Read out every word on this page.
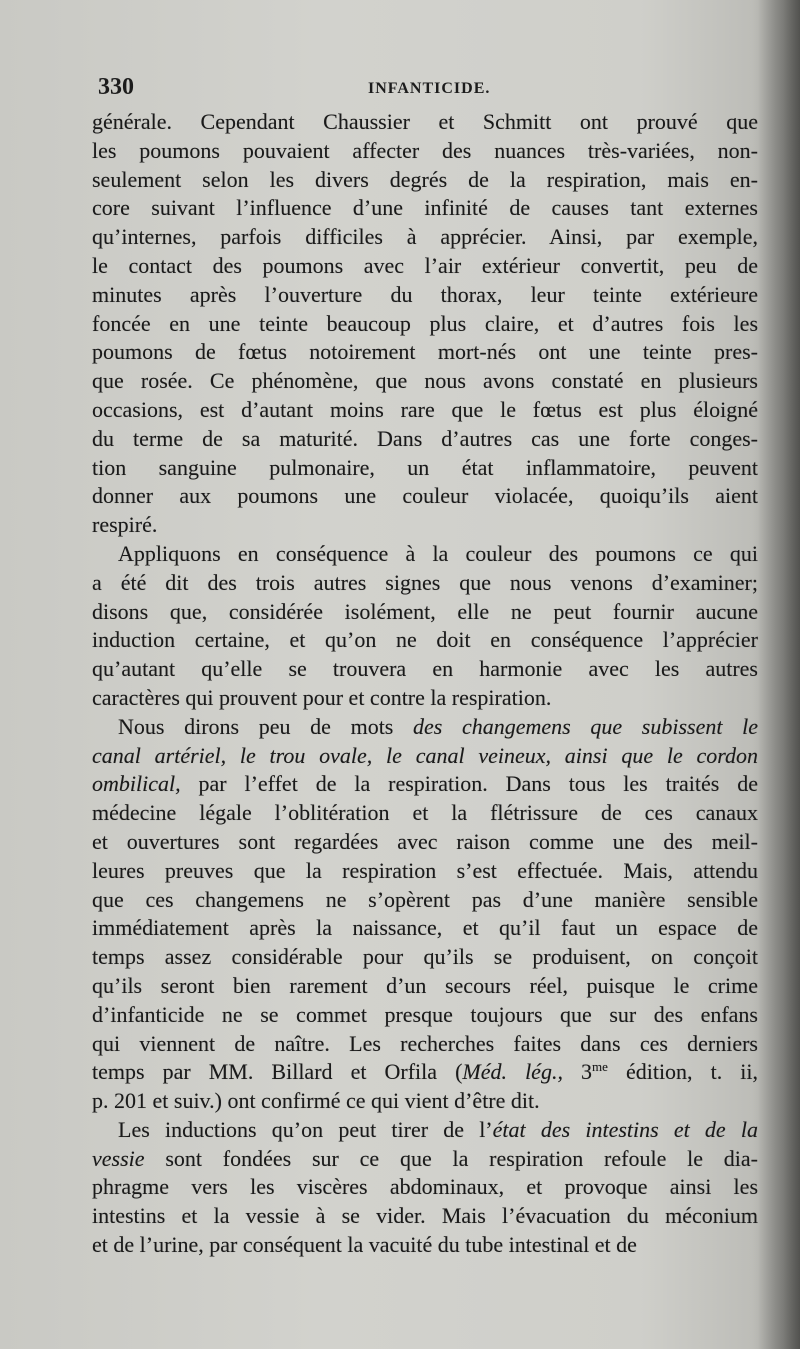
330	INFANTICIDE.
générale. Cependant Chaussier et Schmitt ont prouvé que
les poumons pouvaient affecter des nuances très-variées, non-
seulement selon les divers degrés de la respiration, mais en-
core suivant l’influence d’une infinité de causes tant externes
qu’internes, parfois difficiles à apprécier. Ainsi, par exemple,
le contact des poumons avec l’air extérieur convertit, peu de
minutes après l’ouverture du thorax, leur teinte extérieure
foncée en une teinte beaucoup plus claire, et d’autres fois les
poumons de fœtus notoirement mort-nés ont une teinte pres-
que rosée. Ce phénomène, que nous avons constaté en plusieurs
occasions, est d’autant moins rare que le fœtus est plus éloigné
du terme de sa maturité. Dans d’autres cas une forte conges-
tion sanguine pulmonaire, un état inflammatoire, peuvent
donner aux poumons une couleur violacée, quoiqu’ils aient
respiré.
Appliquons en conséquence à la couleur des poumons ce qui
a été dit des trois autres signes que nous venons d’examiner;
disons que, considérée isolément, elle ne peut fournir aucune
induction certaine, et qu’on ne doit en conséquence l’apprécier
qu’autant qu’elle se trouvera en harmonie avec les autres
caractères qui prouvent pour et contre la respiration.
Nous dirons peu de mots des changemens que subissent le
canal artériel, le trou ovale, le canal veineux, ainsi que le cordon
ombilical, par l’effet de la respiration. Dans tous les traités de
médecine légale l’oblitération et la flétrissure de ces canaux
et ouvertures sont regardées avec raison comme une des meil-
leures preuves que la respiration s’est effectuée. Mais, attendu
que ces changemens ne s’opèrent pas d’une manière sensible
immédiatement après la naissance, et qu’il faut un espace de
temps assez considérable pour qu’ils se produisent, on conçoit
qu’ils seront bien rarement d’un secours réel, puisque le crime
d’infanticide ne se commet presque toujours que sur des enfans
qui viennent de naître. Les recherches faites dans ces derniers
temps par MM. Billard et Orfila (Méd. lég., $3^{me}$ édition, t. ii,
p. 201 et suiv.) ont confirmé ce qui vient d’être dit.
Les inductions qu’on peut tirer de l’état des intestins et de la
vessie sont fondées sur ce que la respiration refoule le dia-
phragme vers les viscères abdominaux, et provoque ainsi les
intestins et la vessie à se vider. Mais l’évacuation du méconium
et de l’urine, par conséquent la vacuité du tube intestinal et de
